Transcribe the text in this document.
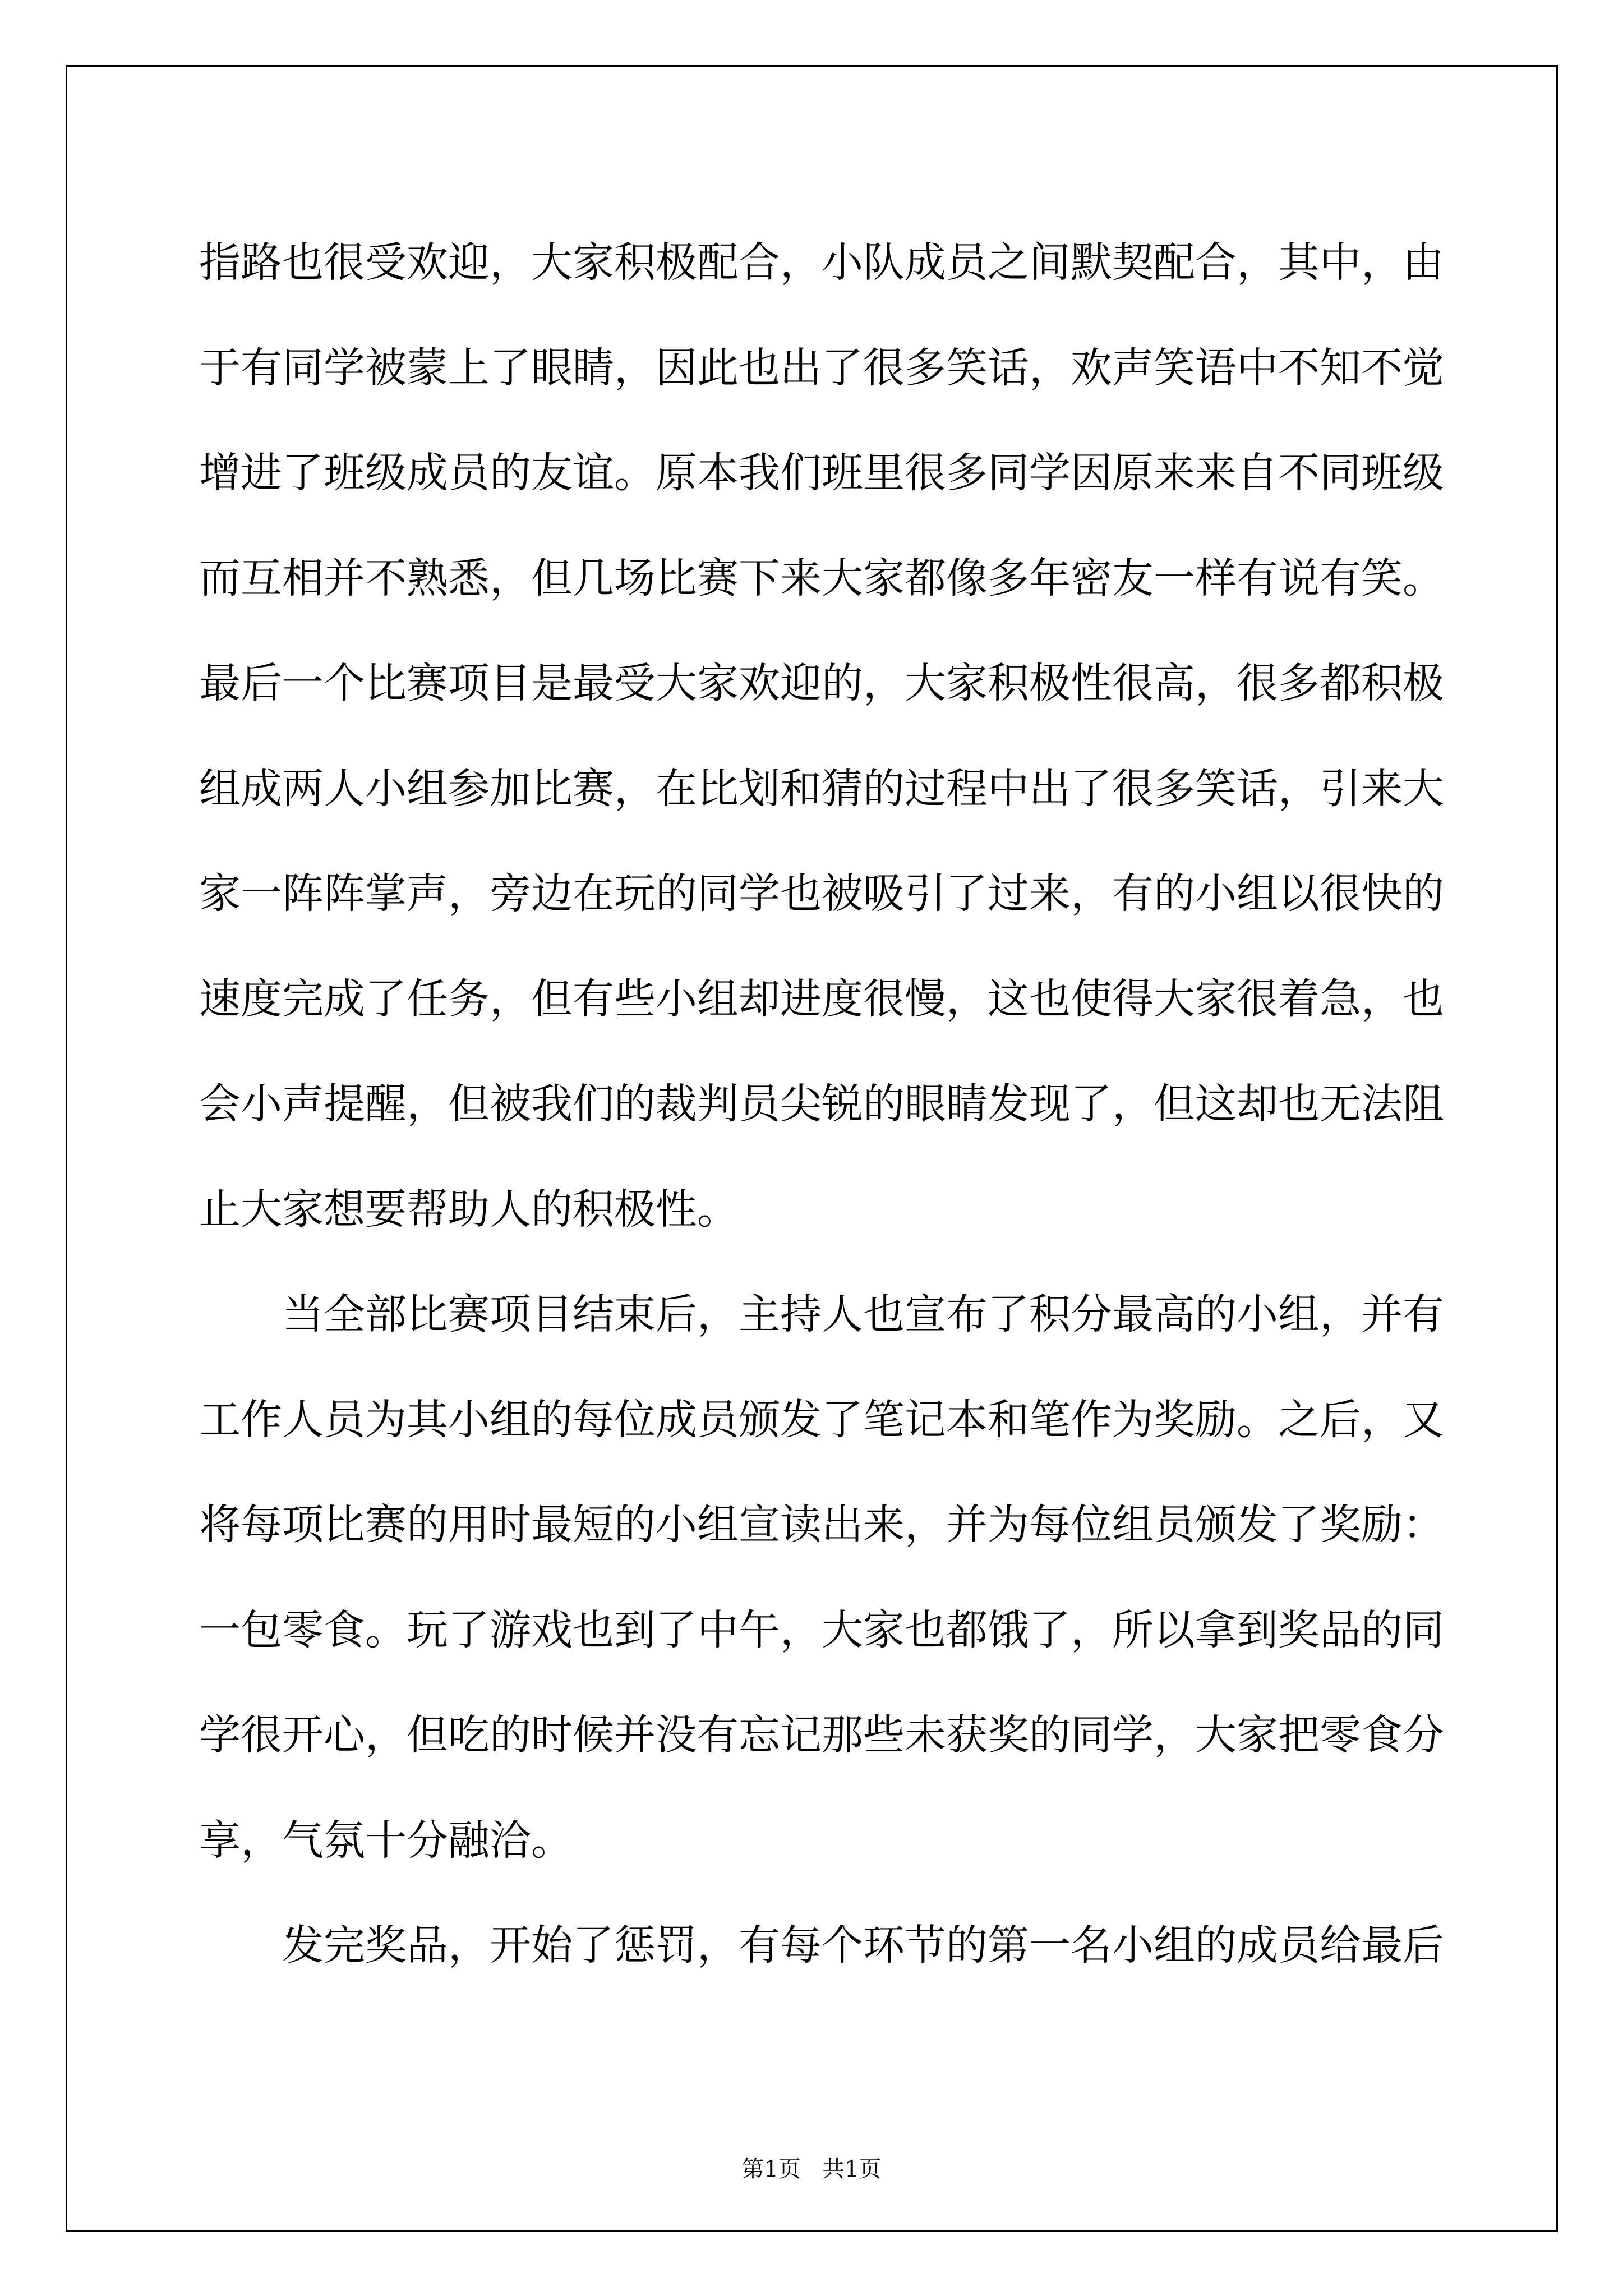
指路也很受欢迎，大家积极配合，小队成员之间默契配合，其中，由于有同学被蒙上了眼睛，因此也出了很多笑话，欢声笑语中不知不觉增进了班级成员的友谊。原本我们班里很多同学因原来来自不同班级而互相并不熟悉，但几场比赛下来大家都像多年密友一样有说有笑。最后一个比赛项目是最受大家欢迎的，大家积极性很高，很多都积极组成两人小组参加比赛，在比划和猜的过程中出了很多笑话，引来大家一阵阵掌声，旁边在玩的同学也被吸引了过来，有的小组以很快的速度完成了任务，但有些小组却进度很慢，这也使得大家很着急，也会小声提醒，但被我们的裁判员尖锐的眼睛发现了，但这却也无法阻止大家想要帮助人的积极性。

当全部比赛项目结束后，主持人也宣布了积分最高的小组，并有工作人员为其小组的每位成员颁发了笔记本和笔作为奖励。之后，又将每项比赛的用时最短的小组宣读出来，并为每位组员颁发了奖励：一包零食。玩了游戏也到了中午，大家也都饿了，所以拿到奖品的同学很开心，但吃的时候并没有忘记那些未获奖的同学，大家把零食分享，气氛十分融洽。

发完奖品，开始了惩罚，有每个环节的第一名小组的成员给最后

第1页   共1页
